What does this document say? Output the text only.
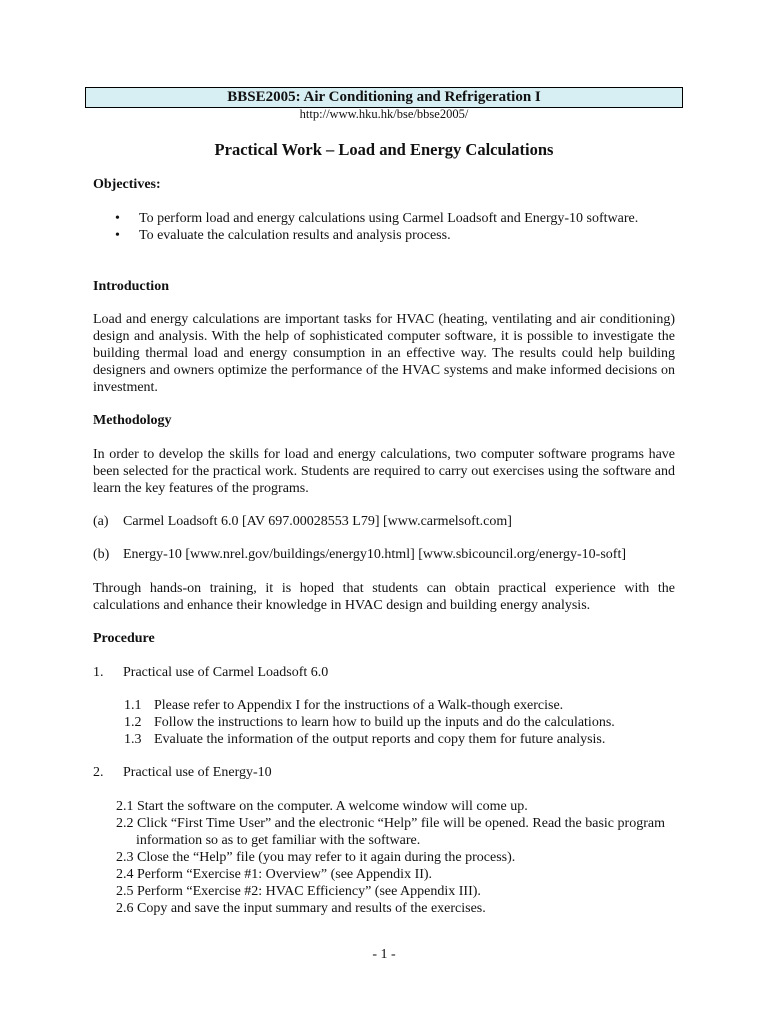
BBSE2005: Air Conditioning and Refrigeration I
http://www.hku.hk/bse/bbse2005/
Practical Work – Load and Energy Calculations
Objectives:
• To perform load and energy calculations using Carmel Loadsoft and Energy-10 software.
• To evaluate the calculation results and analysis process.
Introduction
Load and energy calculations are important tasks for HVAC (heating, ventilating and air conditioning) design and analysis. With the help of sophisticated computer software, it is possible to investigate the building thermal load and energy consumption in an effective way. The results could help building designers and owners optimize the performance of the HVAC systems and make informed decisions on investment.
Methodology
In order to develop the skills for load and energy calculations, two computer software programs have been selected for the practical work. Students are required to carry out exercises using the software and learn the key features of the programs.
(a) Carmel Loadsoft 6.0 [AV 697.00028553 L79] [www.carmelsoft.com]
(b) Energy-10 [www.nrel.gov/buildings/energy10.html] [www.sbicouncil.org/energy-10-soft]
Through hands-on training, it is hoped that students can obtain practical experience with the calculations and enhance their knowledge in HVAC design and building energy analysis.
Procedure
1. Practical use of Carmel Loadsoft 6.0
1.1 Please refer to Appendix I for the instructions of a Walk-though exercise.
1.2 Follow the instructions to learn how to build up the inputs and do the calculations.
1.3 Evaluate the information of the output reports and copy them for future analysis.
2. Practical use of Energy-10
2.1 Start the software on the computer. A welcome window will come up.
2.2 Click “First Time User” and the electronic “Help” file will be opened. Read the basic program information so as to get familiar with the software.
2.3 Close the “Help” file (you may refer to it again during the process).
2.4 Perform “Exercise #1: Overview” (see Appendix II).
2.5 Perform “Exercise #2: HVAC Efficiency” (see Appendix III).
2.6 Copy and save the input summary and results of the exercises.
- 1 -
